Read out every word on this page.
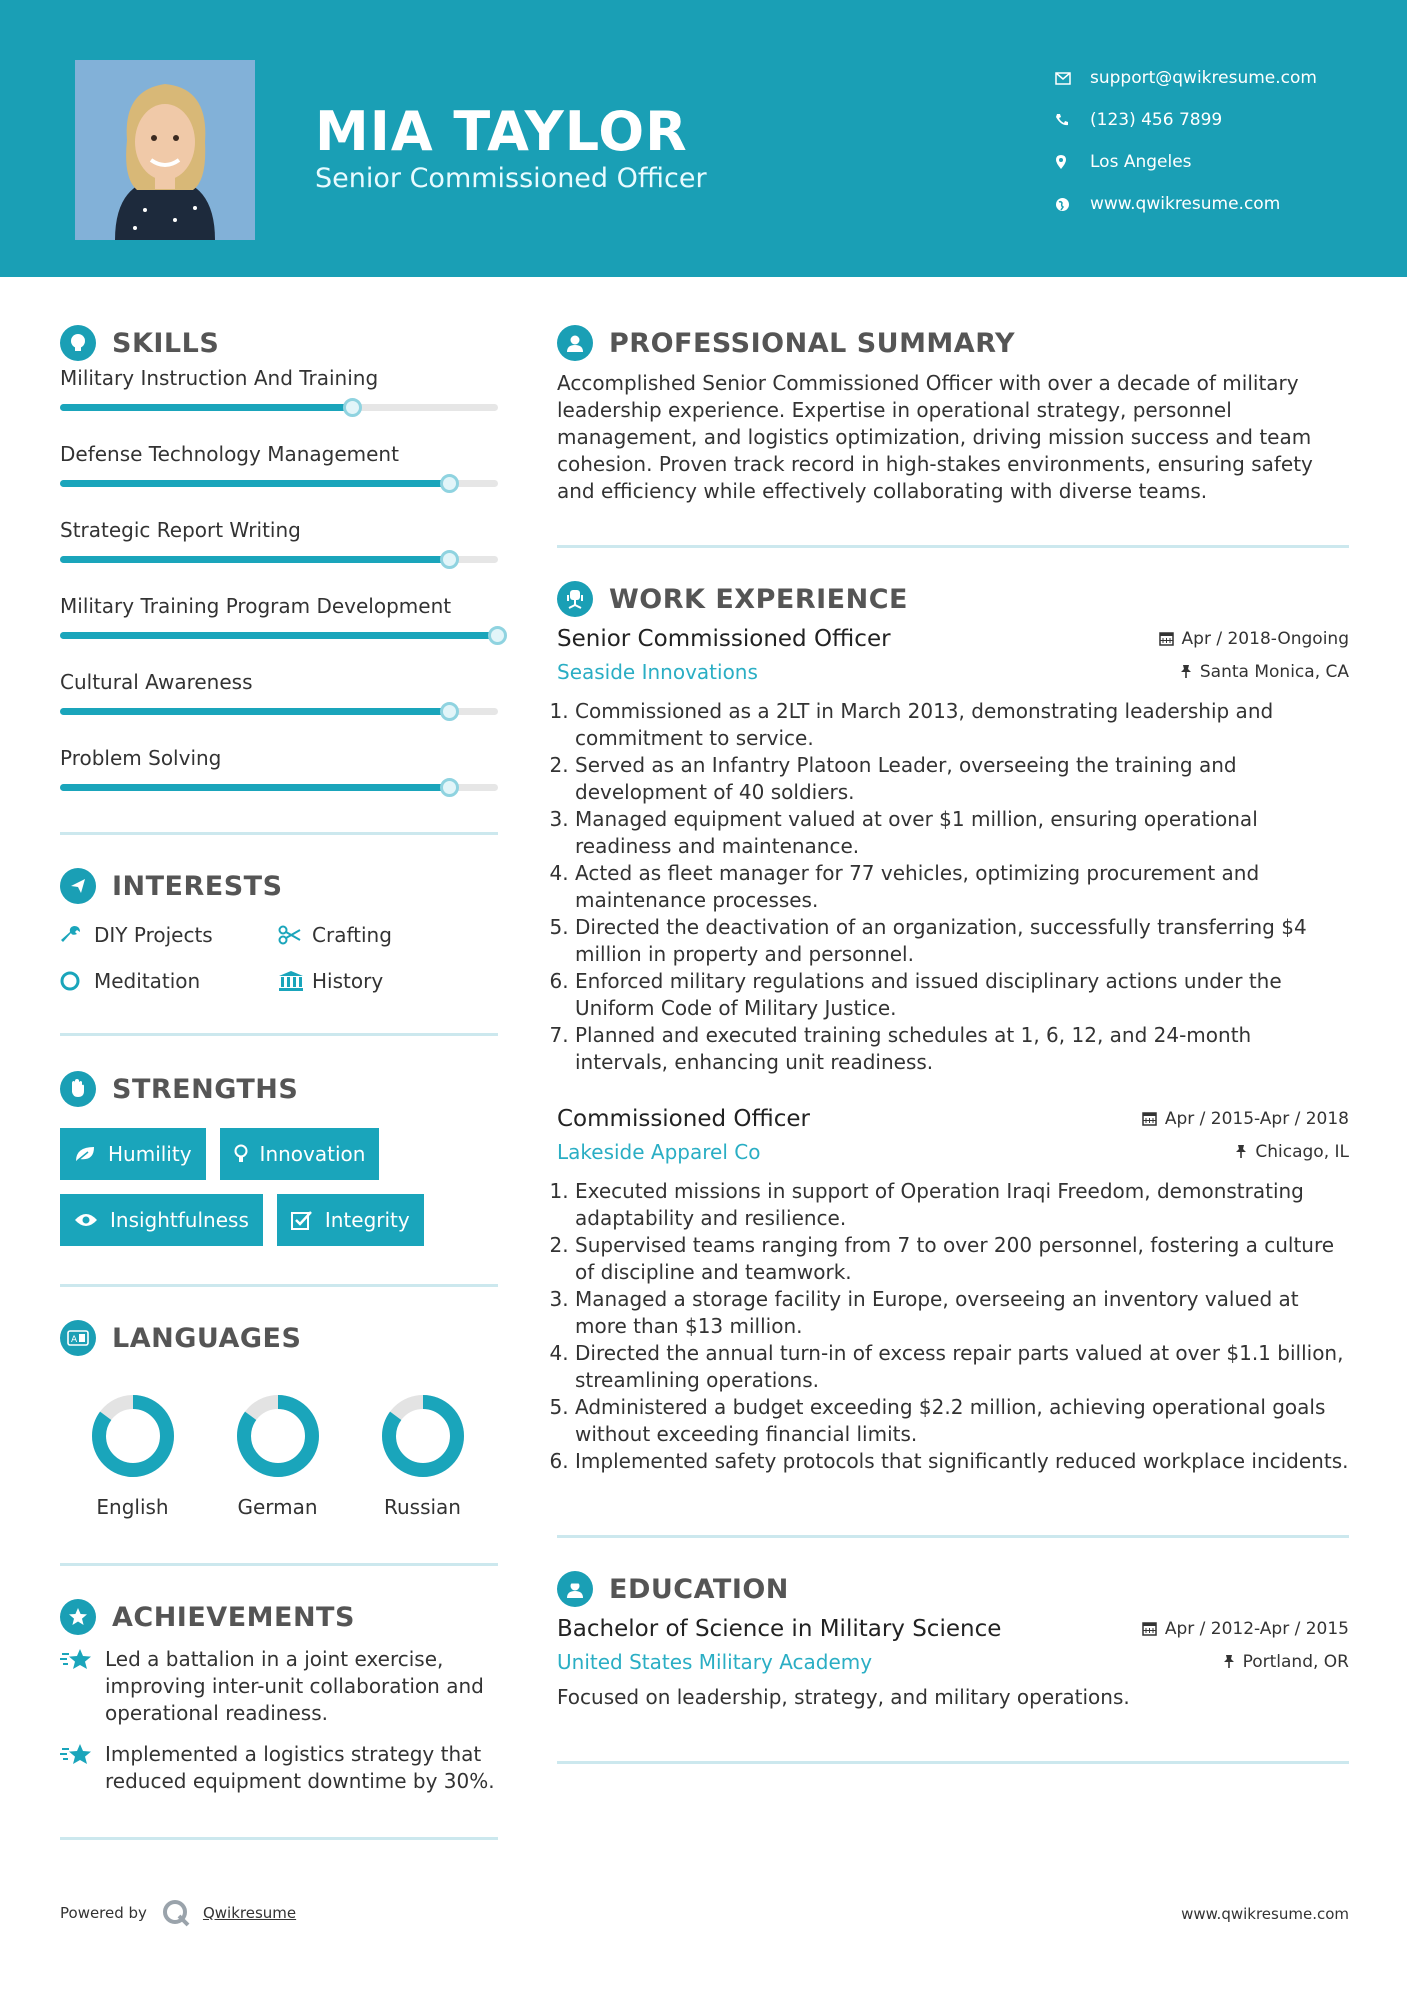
MIA TAYLOR
Senior Commissioned Officer
support@qwikresume.com
(123) 456 7899
Los Angeles
www.qwikresume.com
SKILLS
Military Instruction And Training
Defense Technology Management
Strategic Report Writing
Military Training Program Development
Cultural Awareness
Problem Solving
INTERESTS
DIY Projects	Crafting
Meditation	History
STRENGTHS
Humility	Innovation
Insightfulness	Integrity
A LANGUAGES
English	German	Russian
ACHIEVEMENTS
Led a battalion in a joint exercise, improving inter-unit collaboration and operational readiness.
Implemented a logistics strategy that reduced equipment downtime by 30%.
PROFESSIONAL SUMMARY

Accomplished Senior Commissioned Officer with over a decade of military leadership experience. Expertise in operational strategy, personnel management, and logistics optimization, driving mission success and team cohesion. Proven track record in high-stakes environments, ensuring safety and efficiency while effectively collaborating with diverse teams.

WORK EXPERIENCE
Senior Commissioned Officer	Apr / 2018-Ongoing
Seaside Innovations	Santa Monica, CA
1. Commissioned as a 2LT in March 2013, demonstrating leadership and commitment to service.
2. Served as an Infantry Platoon Leader, overseeing the training and development of 40 soldiers.
3. Managed equipment valued at over $1 million, ensuring operational readiness and maintenance.
4. Acted as fleet manager for 77 vehicles, optimizing procurement and maintenance processes.
5. Directed the deactivation of an organization, successfully transferring $4 million in property and personnel.
6. Enforced military regulations and issued disciplinary actions under the Uniform Code of Military Justice.
7. Planned and executed training schedules at 1, 6, 12, and 24-month intervals, enhancing unit readiness.
Commissioned Officer	Apr / 2015-Apr / 2018
Lakeside Apparel Co	Chicago, IL
1. Executed missions in support of Operation Iraqi Freedom, demonstrating adaptability and resilience.
2. Supervised teams ranging from 7 to over 200 personnel, fostering a culture of discipline and teamwork.
3. Managed a storage facility in Europe, overseeing an inventory valued at more than $13 million.
4. Directed the annual turn-in of excess repair parts valued at over $1.1 billion, streamlining operations.
5. Administered a budget exceeding $2.2 million, achieving operational goals without exceeding financial limits.
6. Implemented safety protocols that significantly reduced workplace incidents.
EDUCATION
Bachelor of Science in Military Science	Apr / 2012-Apr / 2015
United States Military Academy	Portland, OR

Focused on leadership, strategy, and military operations.

Powered by	Qwikresume	www.qwikresume.com
